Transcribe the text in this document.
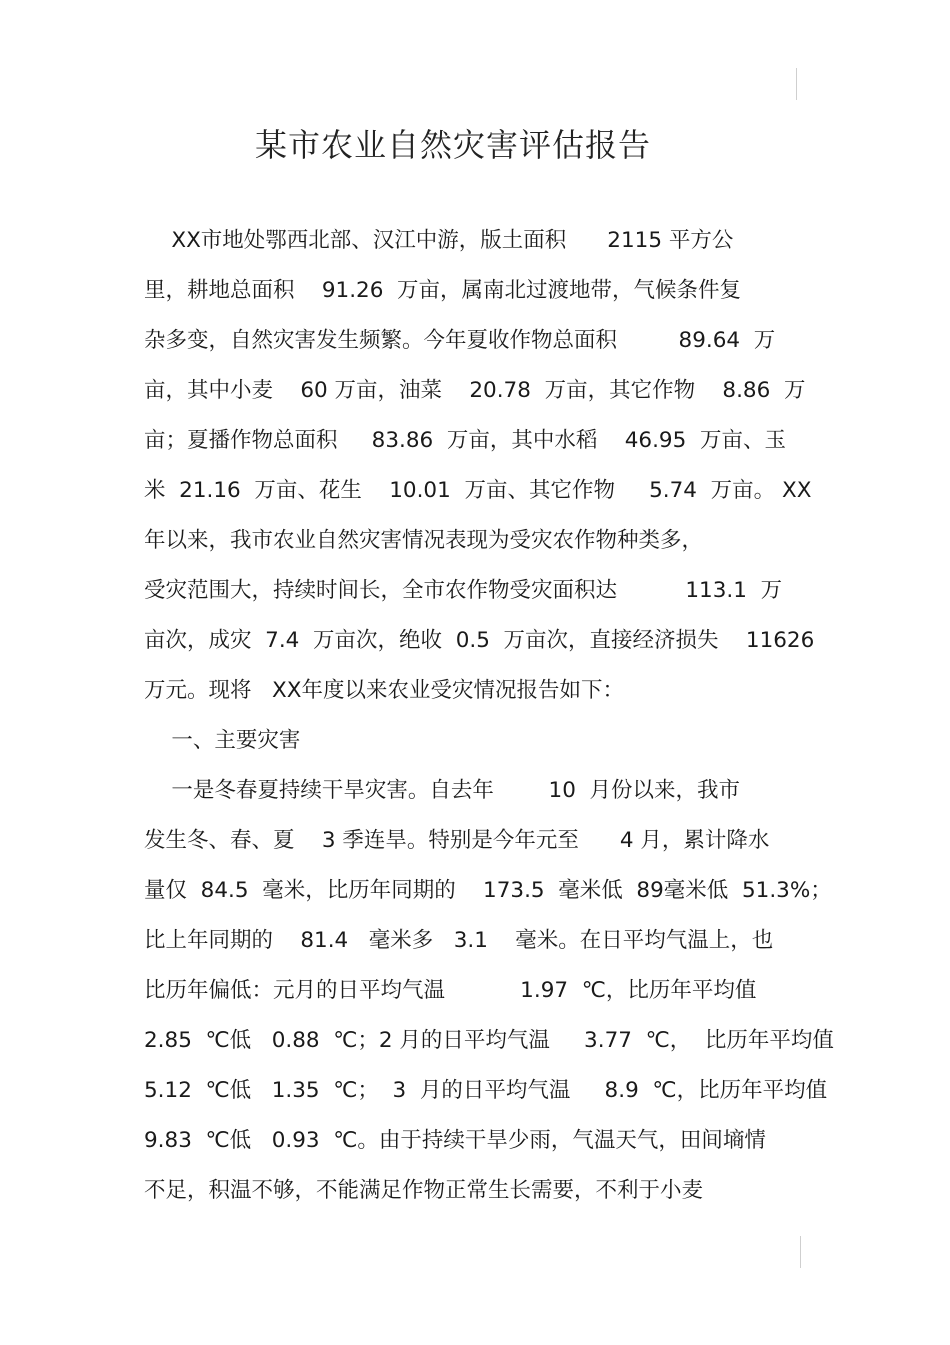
某市农业自然灾害评估报告
XX市地处鄂西北部、汉江中游，版土面积      2115 平方公
里，耕地总面积    91.26  万亩，属南北过渡地带，气候条件复
杂多变，自然灾害发生频繁。今年夏收作物总面积         89.64  万
亩，其中小麦    60 万亩，油菜    20.78  万亩，其它作物    8.86  万
亩；夏播作物总面积     83.86  万亩，其中水稻    46.95  万亩、玉
米  21.16  万亩、花生    10.01  万亩、其它作物     5.74  万亩。 XX
年以来，我市农业自然灾害情况表现为受灾农作物种类多，
受灾范围大，持续时间长，全市农作物受灾面积达          113.1  万
亩次，成灾  7.4  万亩次，绝收  0.5  万亩次，直接经济损失    11626
万元。现将   XX年度以来农业受灾情况报告如下：
一、主要灾害
一是冬春夏持续干旱灾害。自去年        10  月份以来，我市
发生冬、春、夏    3 季连旱。特别是今年元至      4 月，累计降水
量仅  84.5  毫米，比历年同期的    173.5  毫米低  89毫米低  51.3%；
比上年同期的    81.4   毫米多   3.1    毫米。在日平均气温上，也
比历年偏低：元月的日平均气温           1.97  ℃，比历年平均值
2.85  ℃低   0.88  ℃；2 月的日平均气温     3.77  ℃，  比历年平均值
5.12  ℃低   1.35  ℃；  3  月的日平均气温     8.9  ℃，比历年平均值
9.83  ℃低   0.93  ℃。由于持续干旱少雨，气温天气，田间墒情
不足，积温不够，不能满足作物正常生长需要，不利于小麦
